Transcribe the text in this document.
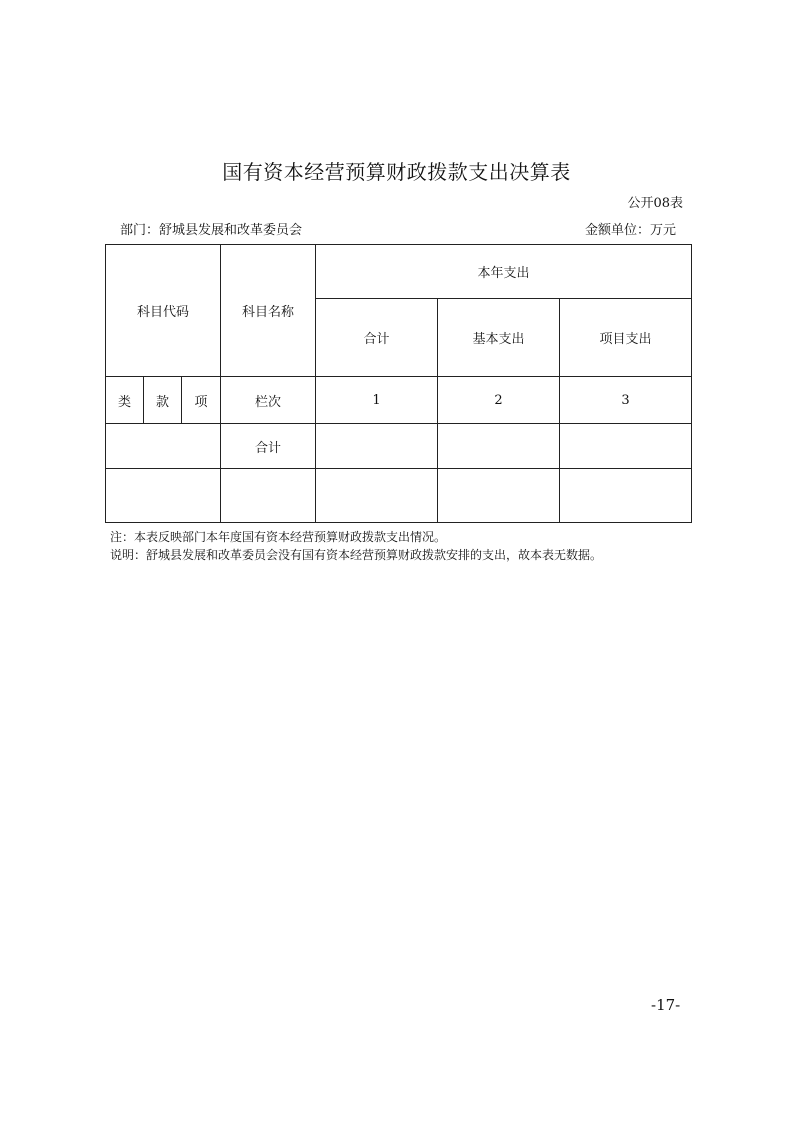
国有资本经营预算财政拨款支出决算表
公开08表
部门：舒城县发展和改革委员会	金额单位：万元
科目代码			科目名称	本年支出		
				合计	基本支出	项目支出
类	款	项	栏次	1	2	3
			合计			

注：本表反映部门本年度国有资本经营预算财政拨款支出情况。
说明：舒城县发展和改革委员会没有国有资本经营预算财政拨款安排的支出，故本表无数据。
-17-
